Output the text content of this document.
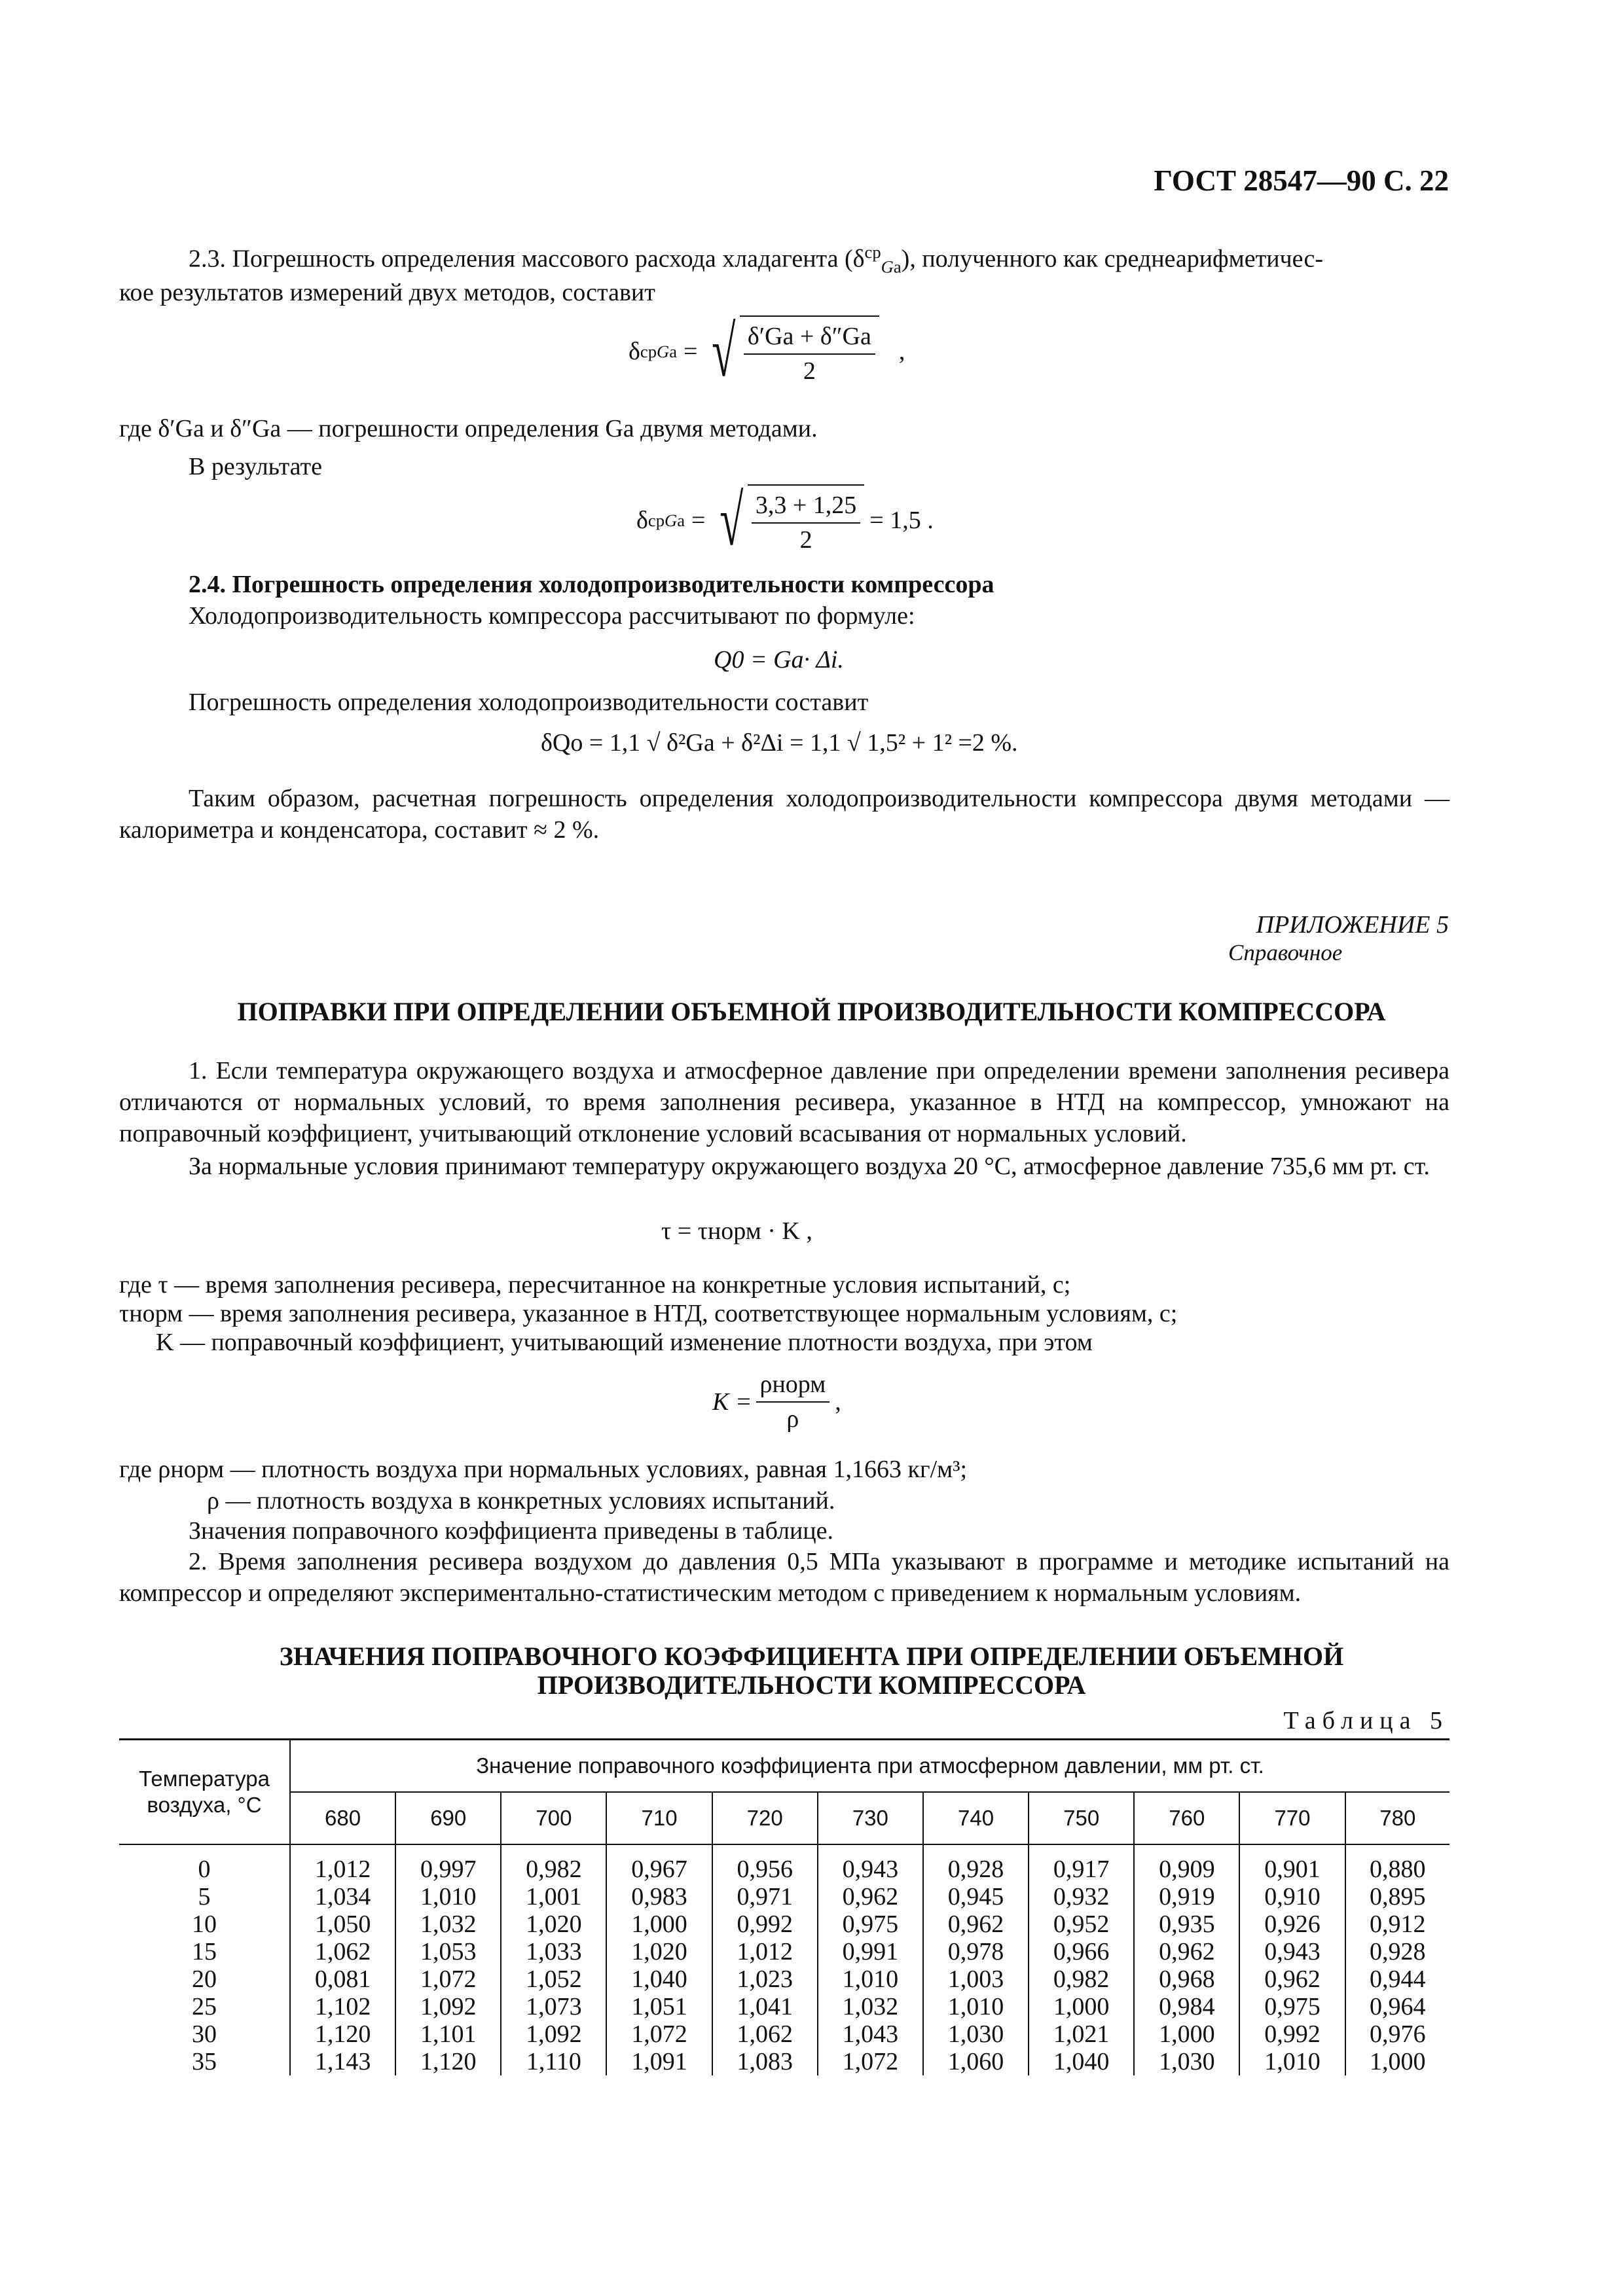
ГОСТ 28547—90 С. 22
2.3. Погрешность определения массового расхода хладагента $(\delta^{ср}_{Gа})$, полученного как среднеарифметичес-
кое результатов измерений двух методов, составит
δ ср Gа = √ $\frac{\delta'Gа + \delta''Gа}{2}$ ,
где δ′Gа и δ″Gа — погрешности определения Gа двумя методами.
В результате
δ ср Gа = √ $\frac{3,3 + 1,25}{2} = 1,5$ .
2.4. Погрешность определения холодопроизводительности компрессора
Холодопроизводительность компрессора рассчитывают по формуле:
Q0 = Gа· Δi.
Погрешность определения холодопроизводительности составит
δQo = 1,1 √ δ²Gа + δ²Δi = 1,1 √ 1,5² + 1² =2 %.
Таким образом, расчетная погрешность определения холодопроизводительности компрессора двумя методами — калориметра и конденсатора, составит ≈ 2 %.
ПРИЛОЖЕНИЕ 5
Справочное
ПОПРАВКИ ПРИ ОПРЕДЕЛЕНИИ ОБЪЕМНОЙ ПРОИЗВОДИТЕЛЬНОСТИ КОМПРЕССОРА
1. Если температура окружающего воздуха и атмосферное давление при определении времени заполнения ресивера отличаются от нормальных условий, то время заполнения ресивера, указанное в НТД на компрессор, умножают на поправочный коэффициент, учитывающий отклонение условий всасывания от нормальных условий.
За нормальные условия принимают температуру окружающего воздуха 20 °С, атмосферное давление 735,6 мм рт. ст.
τ = τнорм · K ,
где τ — время заполнения ресивера, пересчитанное на конкретные условия испытаний, с;
τнорм — время заполнения ресивера, указанное в НТД, соответствующее нормальным условиям, с;
K — поправочный коэффициент, учитывающий изменение плотности воздуха, при этом
$K = \frac{\text{ρнорм}}{\rho}$ ,
где ρнорм — плотность воздуха при нормальных условиях, равная 1,1663 кг/м³;
ρ — плотность воздуха в конкретных условиях испытаний.
Значения поправочного коэффициента приведены в таблице.
2. Время заполнения ресивера воздухом до давления 0,5 МПа указывают в программе и методике испытаний на компрессор и определяют экспериментально-статистическим методом с приведением к нормальным условиям.
ЗНАЧЕНИЯ ПОПРАВОЧНОГО КОЭФФИЦИЕНТА ПРИ ОПРЕДЕЛЕНИИ ОБЪЕМНОЙ
ПРОИЗВОДИТЕЛЬНОСТИ КОМПРЕССОРА
Таблица 5
Температура воздуха, °С	Значение поправочного коэффициента при атмосферном давлении, мм рт. ст.										
	680	690	700	710	720	730	740	750	760	770	780
0	1,012	0,997	0,982	0,967	0,956	0,943	0,928	0,917	0,909	0,901	0,880
5	1,034	1,010	1,001	0,983	0,971	0,962	0,945	0,932	0,919	0,910	0,895
10	1,050	1,032	1,020	1,000	0,992	0,975	0,962	0,952	0,935	0,926	0,912
15	1,062	1,053	1,033	1,020	1,012	0,991	0,978	0,966	0,962	0,943	0,928
20	0,081	1,072	1,052	1,040	1,023	1,010	1,003	0,982	0,968	0,962	0,944
25	1,102	1,092	1,073	1,051	1,041	1,032	1,010	1,000	0,984	0,975	0,964
30	1,120	1,101	1,092	1,072	1,062	1,043	1,030	1,021	1,000	0,992	0,976
35	1,143	1,120	1,110	1,091	1,083	1,072	1,060	1,040	1,030	1,010	1,000
